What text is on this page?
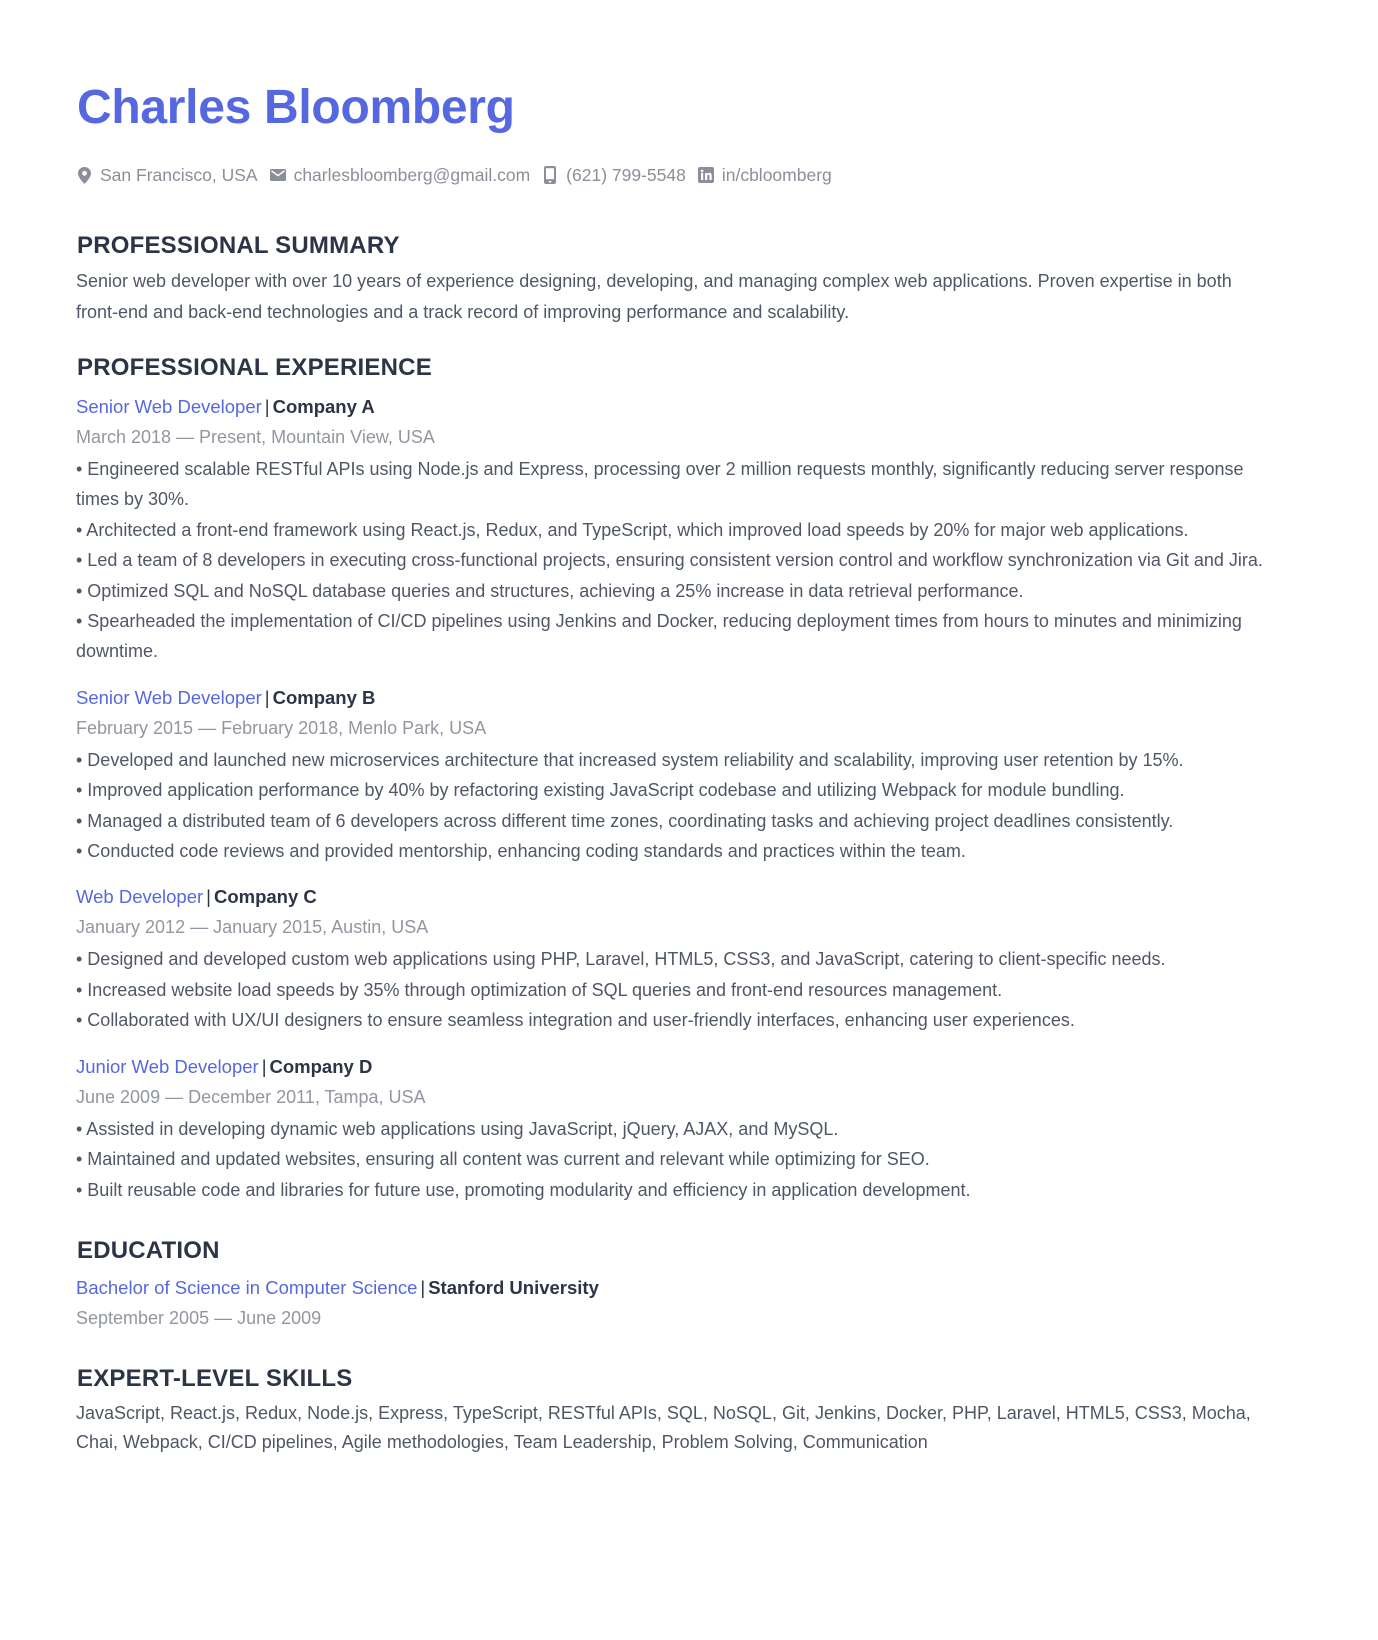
Charles Bloomberg
San Francisco, USA charlesbloomberg@gmail.com (621) 799-5548 in/cbloomberg
PROFESSIONAL SUMMARY
Senior web developer with over 10 years of experience designing, developing, and managing complex web applications. Proven expertise in both front-end and back-end technologies and a track record of improving performance and scalability.
PROFESSIONAL EXPERIENCE
Senior Web Developer | Company A
March 2018 — Present, Mountain View, USA
• Engineered scalable RESTful APIs using Node.js and Express, processing over 2 million requests monthly, significantly reducing server response times by 30%.
• Architected a front-end framework using React.js, Redux, and TypeScript, which improved load speeds by 20% for major web applications.
• Led a team of 8 developers in executing cross-functional projects, ensuring consistent version control and workflow synchronization via Git and Jira.
• Optimized SQL and NoSQL database queries and structures, achieving a 25% increase in data retrieval performance.
• Spearheaded the implementation of CI/CD pipelines using Jenkins and Docker, reducing deployment times from hours to minutes and minimizing downtime.
Senior Web Developer | Company B
February 2015 — February 2018, Menlo Park, USA
• Developed and launched new microservices architecture that increased system reliability and scalability, improving user retention by 15%.
• Improved application performance by 40% by refactoring existing JavaScript codebase and utilizing Webpack for module bundling.
• Managed a distributed team of 6 developers across different time zones, coordinating tasks and achieving project deadlines consistently.
• Conducted code reviews and provided mentorship, enhancing coding standards and practices within the team.
Web Developer | Company C
January 2012 — January 2015, Austin, USA
• Designed and developed custom web applications using PHP, Laravel, HTML5, CSS3, and JavaScript, catering to client-specific needs.
• Increased website load speeds by 35% through optimization of SQL queries and front-end resources management.
• Collaborated with UX/UI designers to ensure seamless integration and user-friendly interfaces, enhancing user experiences.
Junior Web Developer | Company D
June 2009 — December 2011, Tampa, USA
• Assisted in developing dynamic web applications using JavaScript, jQuery, AJAX, and MySQL.
• Maintained and updated websites, ensuring all content was current and relevant while optimizing for SEO.
• Built reusable code and libraries for future use, promoting modularity and efficiency in application development.
EDUCATION
Bachelor of Science in Computer Science | Stanford University
September 2005 — June 2009
EXPERT-LEVEL SKILLS
JavaScript, React.js, Redux, Node.js, Express, TypeScript, RESTful APIs, SQL, NoSQL, Git, Jenkins, Docker, PHP, Laravel, HTML5, CSS3, Mocha, Chai, Webpack, CI/CD pipelines, Agile methodologies, Team Leadership, Problem Solving, Communication
